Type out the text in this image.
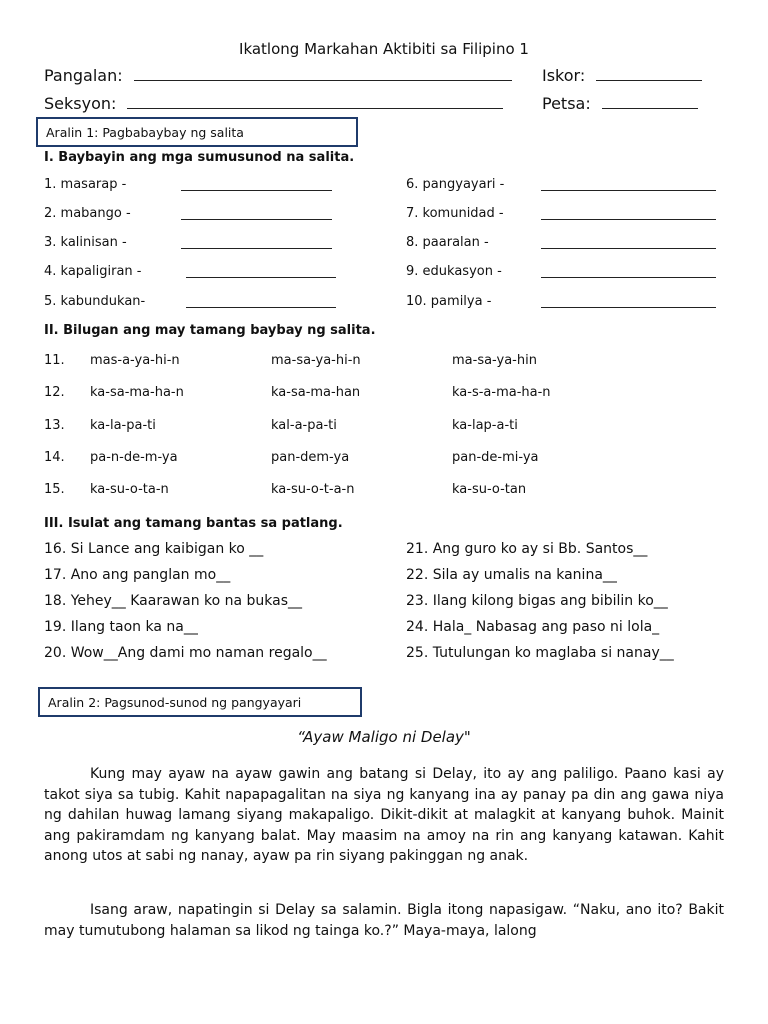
Ikatlong Markahan Aktibiti sa Filipino 1
Pangalan:	Iskor:
Seksyon:	Petsa:
Aralin 1: Pagbabaybay ng salita
I. Baybayin ang mga sumusunod na salita.
1. masarap -
2. mabango -
3. kalinisan -
4. kapaligiran -
5. kabundukan-
6. pangyayari -
7. komunidad -
8. paaralan -
9. edukasyon -
10. pamilya -
II. Bilugan ang may tamang baybay ng salita.
11. mas-a-ya-hi-n	ma-sa-ya-hi-n	ma-sa-ya-hin
12. ka-sa-ma-ha-n	ka-sa-ma-han	ka-s-a-ma-ha-n
13. ka-la-pa-ti	kal-a-pa-ti	ka-lap-a-ti
14. pa-n-de-m-ya	pan-dem-ya	pan-de-mi-ya
15. ka-su-o-ta-n	ka-su-o-t-a-n	ka-su-o-tan
III. Isulat ang tamang bantas sa patlang.
16. Si Lance ang kaibigan ko __
17. Ano ang panglan mo__
18. Yehey__ Kaarawan ko na bukas__
19. Ilang taon ka na__
20. Wow__Ang dami mo naman regalo__
21. Ang guro ko ay si Bb. Santos__
22. Sila ay umalis na kanina__
23. Ilang kilong bigas ang bibilin ko__
24. Hala_ Nabasag ang paso ni lola_
25. Tutulungan ko maglaba si nanay__
Aralin 2: Pagsunod-sunod ng pangyayari
“Ayaw Maligo ni Delay"
Kung may ayaw na ayaw gawin ang batang si Delay, ito ay ang paliligo. Paano kasi ay takot siya sa tubig. Kahit napapagalitan na siya ng kanyang ina ay panay pa din ang gawa niya ng dahilan huwag lamang siyang makapaligo. Dikit-dikit at malagkit at kanyang buhok. Mainit ang pakiramdam ng kanyang balat. May maasim na amoy na rin ang kanyang katawan. Kahit anong utos at sabi ng nanay, ayaw pa rin siyang pakinggan ng anak.
Isang araw, napatingin si Delay sa salamin. Bigla itong napasigaw. “Naku, ano ito? Bakit may tumutubong halaman sa likod ng tainga ko.?” Maya-maya, lalong
